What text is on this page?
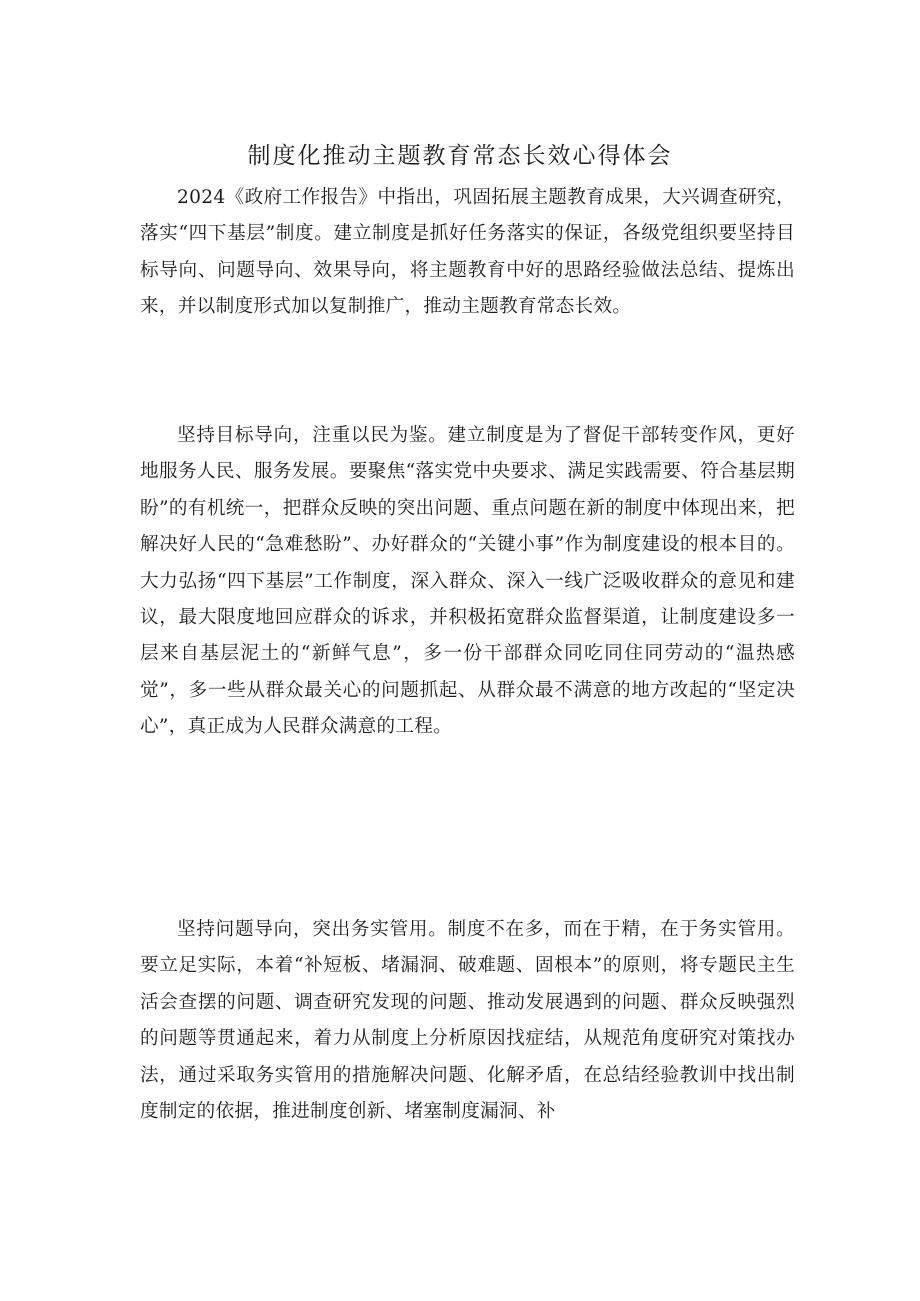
制度化推动主题教育常态长效心得体会

2024《政府工作报告》中指出，巩固拓展主题教育成果，大兴调查研究，落实“四下基层”制度。建立制度是抓好任务落实的保证，各级党组织要坚持目标导向、问题导向、效果导向，将主题教育中好的思路经验做法总结、提炼出来，并以制度形式加以复制推广，推动主题教育常态长效。

坚持目标导向，注重以民为鉴。建立制度是为了督促干部转变作风，更好地服务人民、服务发展。要聚焦“落实党中央要求、满足实践需要、符合基层期盼”的有机统一，把群众反映的突出问题、重点问题在新的制度中体现出来，把解决好人民的“急难愁盼”、办好群众的“关键小事”作为制度建设的根本目的。大力弘扬“四下基层”工作制度，深入群众、深入一线广泛吸收群众的意见和建议，最大限度地回应群众的诉求，并积极拓宽群众监督渠道，让制度建设多一层来自基层泥土的“新鲜气息”，多一份干部群众同吃同住同劳动的“温热感觉”，多一些从群众最关心的问题抓起、从群众最不满意的地方改起的“坚定决心”，真正成为人民群众满意的工程。

坚持问题导向，突出务实管用。制度不在多，而在于精，在于务实管用。要立足实际，本着“补短板、堵漏洞、破难题、固根本”的原则，将专题民主生活会查摆的问题、调查研究发现的问题、推动发展遇到的问题、群众反映强烈的问题等贯通起来，着力从制度上分析原因找症结，从规范角度研究对策找办法，通过采取务实管用的措施解决问题、化解矛盾，在总结经验教训中找出制度制定的依据，推进制度创新、堵塞制度漏洞、补
